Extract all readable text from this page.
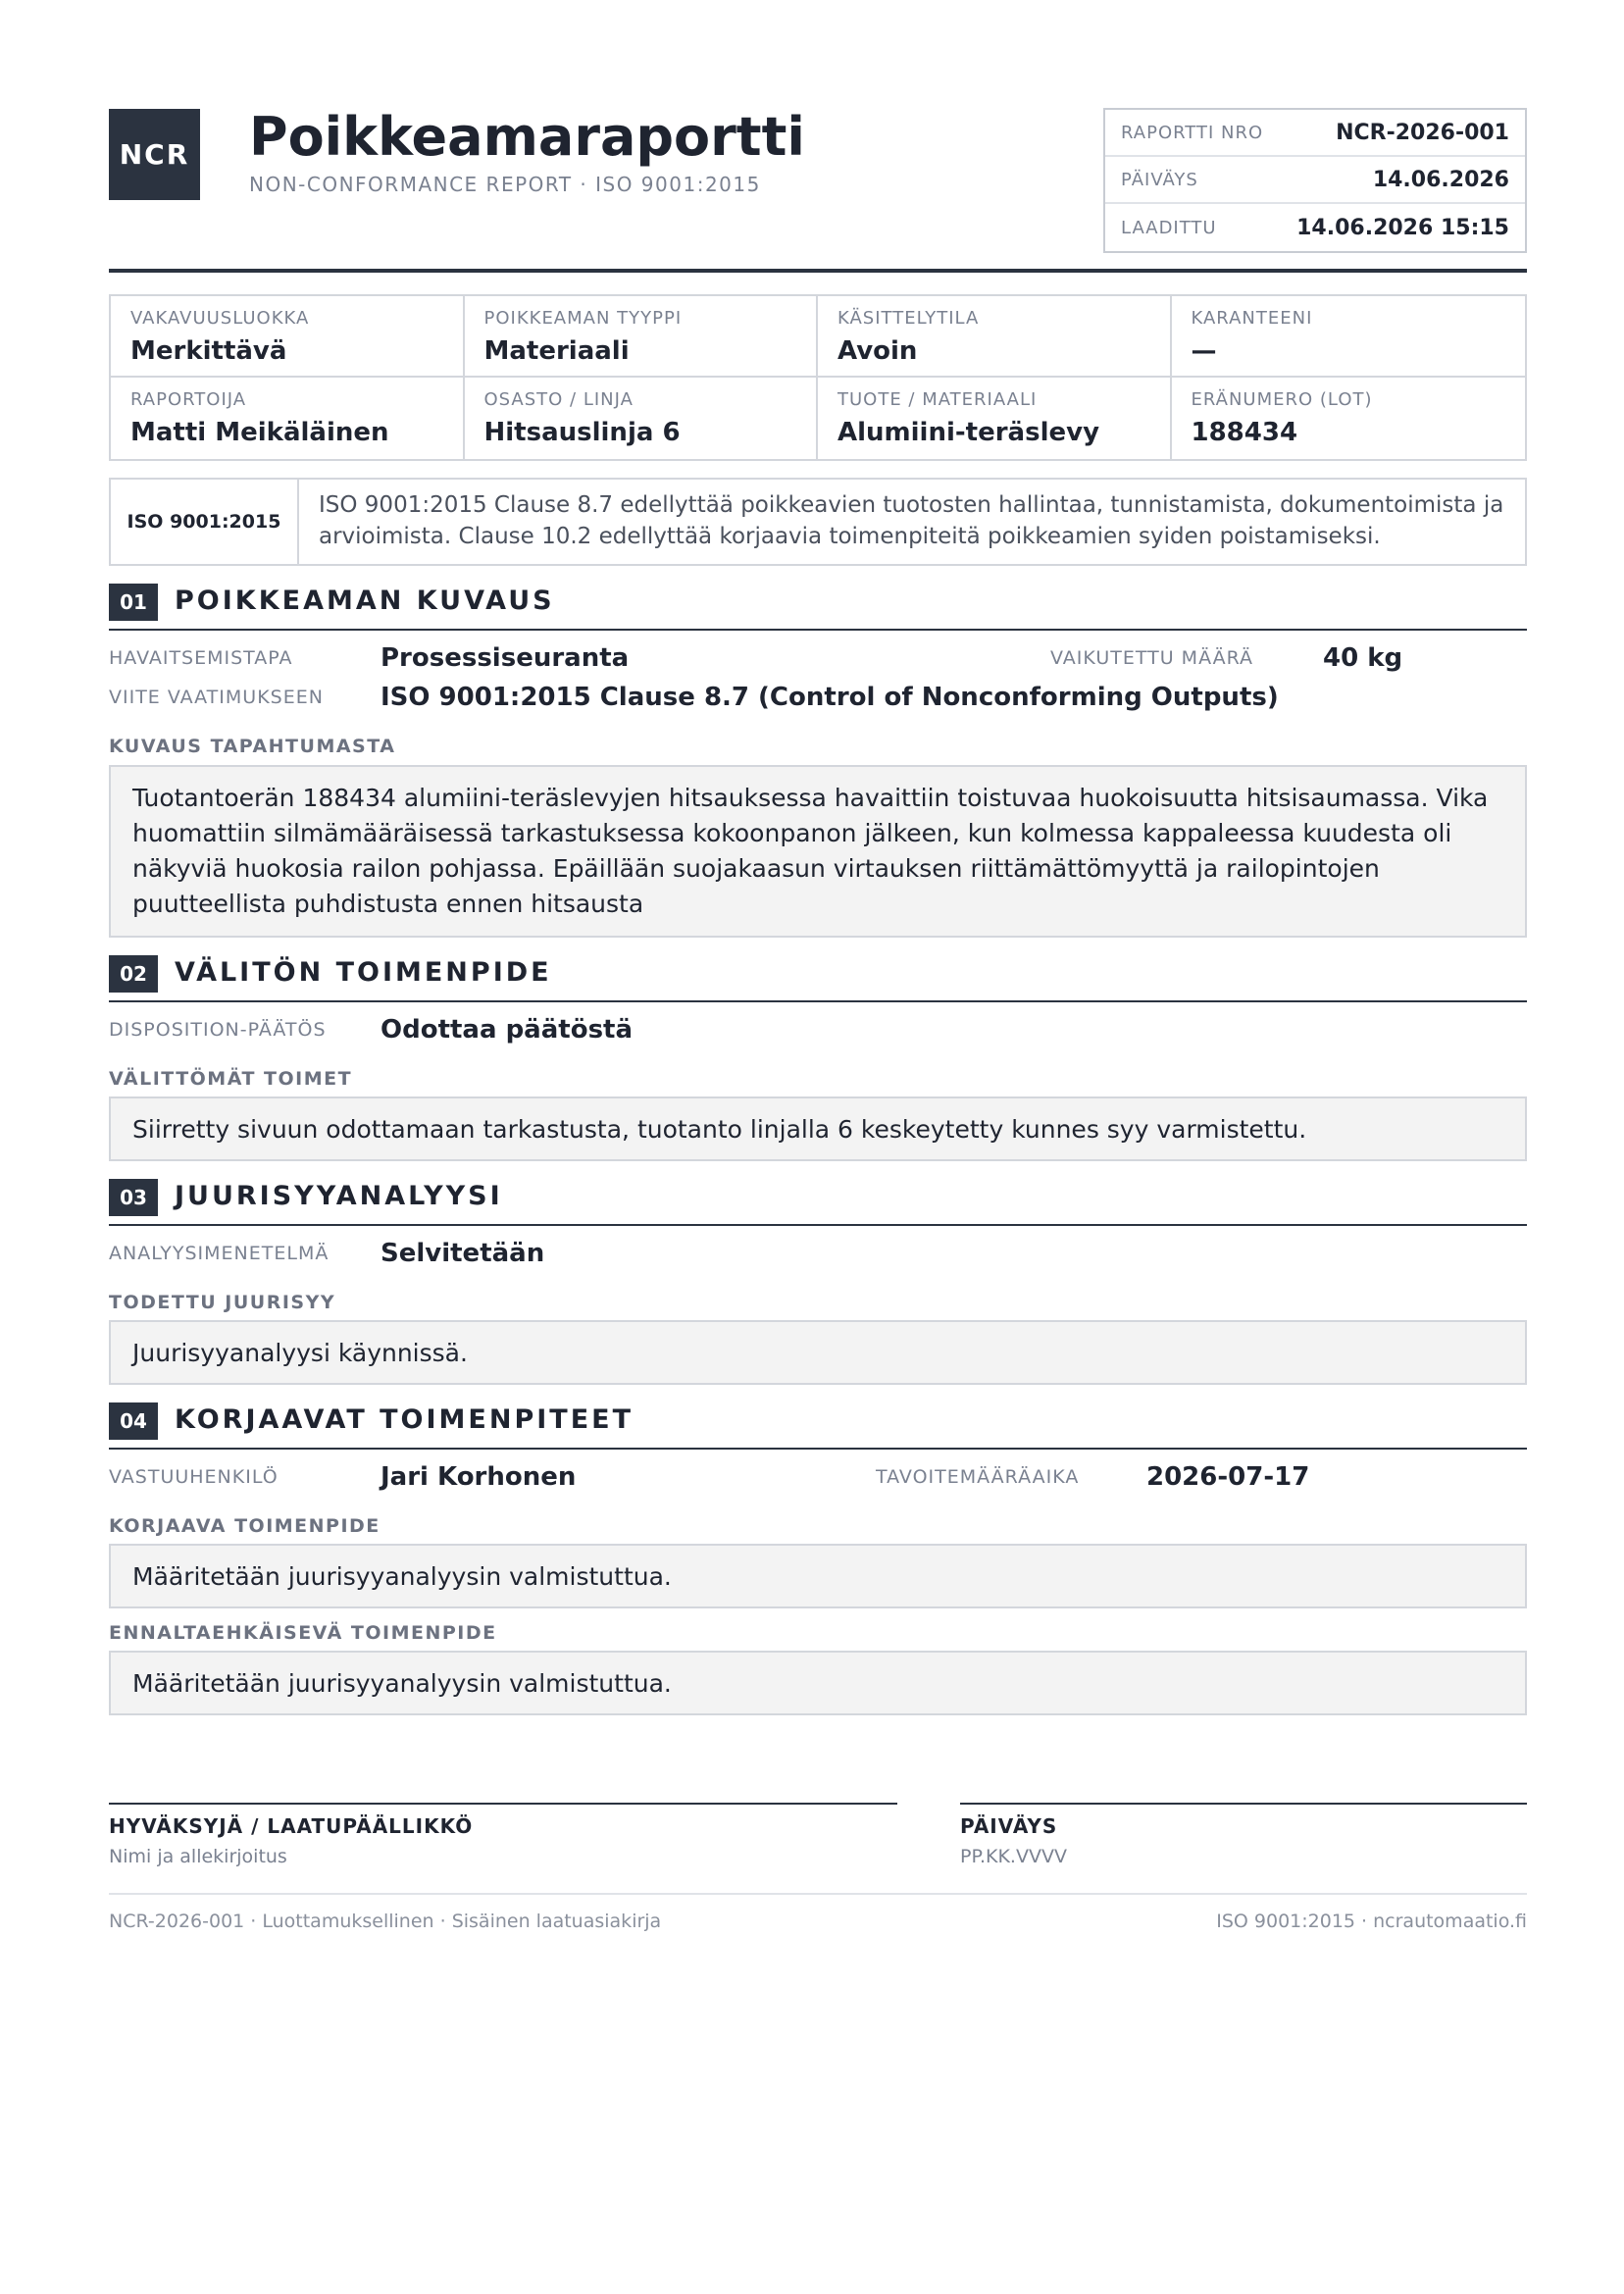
NCR Poikkeamaraportti
NON-CONFORMANCE REPORT · ISO 9001:2015
RAPORTTI NRO	NCR-2026-001
PÄIVÄYS	14.06.2026
LAADITTU	14.06.2026 15:15
VAKAVUUSLUOKKA
Merkittävä
POIKKEAMAN TYYPPI
Materiaali
KÄSITTELYTILA
Avoin
KARANTEENI
—
RAPORTOIJA
Matti Meikäläinen
OSASTO / LINJA
Hitsauslinja 6
TUOTE / MATERIAALI
Alumiini-teräslevy
ERÄNUMERO (LOT)
188434
ISO 9001:2015
ISO 9001:2015 Clause 8.7 edellyttää poikkeavien tuotosten hallintaa, tunnistamista, dokumentoimista ja arvioimista. Clause 10.2 edellyttää korjaavia toimenpiteitä poikkeamien syiden poistamiseksi.
01	POIKKEAMAN KUVAUS
HAVAITSEMISTAPA	Prosessiseuranta	VAIKUTETTU MÄÄRÄ	40 kg
VIITE VAATIMUKSEEN ISO 9001:2015 Clause 8.7 (Control of Nonconforming Outputs)
KUVAUS TAPAHTUMASTA
Tuotantoerän 188434 alumiini-teräslevyjen hitsauksessa havaittiin toistuvaa huokoisuutta hitsisaumassa. Vika huomattiin silmämääräisessä tarkastuksessa kokoonpanon jälkeen, kun kolmessa kappaleessa kuudesta oli näkyviä huokosia railon pohjassa. Epäillään suojakaasun virtauksen riittämättömyyttä ja railopintojen puutteellista puhdistusta ennen hitsausta
02	VÄLITÖN TOIMENPIDE
DISPOSITION-PÄÄTÖS Odottaa päätöstä
VÄLITTÖMÄT TOIMET
Siirretty sivuun odottamaan tarkastusta, tuotanto linjalla 6 keskeytetty kunnes syy varmistettu.
03	JUURISYYANALYYSI
ANALYYSIMENETELMÄ Selvitetään
TODETTU JUURISYY
Juurisyyanalyysi käynnissä.
04	KORJAAVAT TOIMENPITEET
VASTUUHENKILÖ	Jari Korhonen	TAVOITEMÄÄRÄAIKA	2026-07-17
KORJAAVA TOIMENPIDE
Määritetään juurisyyanalyysin valmistuttua.
ENNALTAEHKÄISEVÄ TOIMENPIDE
Määritetään juurisyyanalyysin valmistuttua.
HYVÄKSYJÄ / LAATUPÄÄLLIKKÖ
Nimi ja allekirjoitus
PÄIVÄYS
PP.KK.VVVV
NCR-2026-001 · Luottamuksellinen · Sisäinen laatuasiakirja	ISO 9001:2015 · ncrautomaatio.fi
